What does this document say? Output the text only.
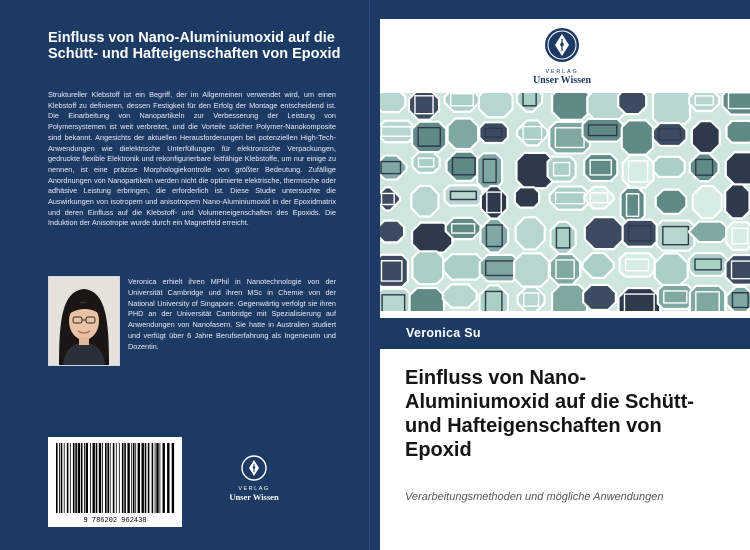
Einfluss von Nano-Aluminiumoxid auf die Schütt- und Hafteigenschaften von Epoxid

Struktureller Klebstoff ist ein Begriff, der im Allgemeinen verwendet wird, um einen Klebstoff zu definieren, dessen Festigkeit für den Erfolg der Montage entscheidend ist. Die Einarbeitung von Nanopartikeln zur Verbesserung der Leistung von Polymersystemen ist weit verbreitet, und die Vorteile solcher Polymer-Nanokomposite sind bekannt. Angesichts der aktuellen Herausforderungen bei potenziellen High-Tech-Anwendungen wie dielektrische Unterfüllungen für elektronische Verpackungen, gedruckte flexible Elektronik und rekonfigurierbare leitfähige Klebstoffe, um nur einige zu nennen, ist eine präzise Morphologiekontrolle von größter Bedeutung. Zufällige Anordnungen von Nanopartikeln werden nicht die optimierte elektrische, thermische oder adhäsive Leistung erbringen, die erforderlich ist. Diese Studie untersuchte die Auswirkungen von isotropem und anisotropem Nano-Aluminiumoxid in der Epoxidmatrix und deren Einfluss auf die Klebstoff- und Volumeneigenschaften des Epoxids. Die Induktion der Anisotropie wurde durch ein Magnetfeld erreicht.

Veronica erhielt ihren MPhil in Nanotechnologie von der Universität Cambridge und ihren MSc in Chemie von der National University of Singapore. Gegenwärtig verfolgt sie ihren PHD an der Universität Cambridge mit Spezialisierung auf Anwendungen von Nanofasern. Sie hatte in Australien studiert und verfügt über 6 Jahre Berufserfahrung als Ingenieurin und Dozentin.

9 786202 962438
VERLAG
Unser Wissen
VERLAG
Unser Wissen
Veronica Su
Einfluss von Nano-Aluminiumoxid auf die Schütt- und Hafteigenschaften von Epoxid

Verarbeitungsmethoden und mögliche Anwendungen
